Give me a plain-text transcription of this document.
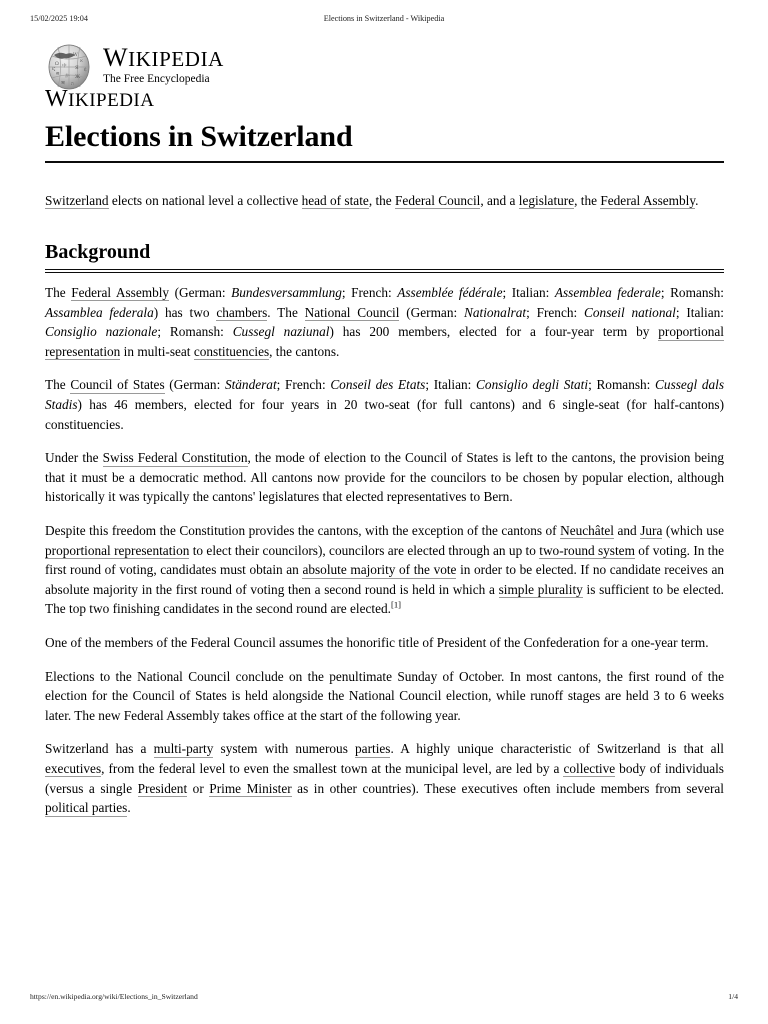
15/02/2025 19:04	Elections in Switzerland - Wikipedia
W
א
Ω 中 Я ع
स か Ж
ऋ ת
Ⴀ WIKIPEDIA
The Free Encyclopedia
WIKIPEDIA
Elections in Switzerland

Switzerland elects on national level a collective head of state, the Federal Council, and a legislature, the Federal Assembly.

Background

The Federal Assembly (German: Bundesversammlung; French: Assemblée fédérale; Italian: Assemblea federale; Romansh: Assamblea federala) has two chambers. The National Council (German: Nationalrat; French: Conseil national; Italian: Consiglio nazionale; Romansh: Cussegl naziunal) has 200 members, elected for a four-year term by proportional representation in multi-seat constituencies, the cantons.

The Council of States (German: Ständerat; French: Conseil des Etats; Italian: Consiglio degli Stati; Romansh: Cussegl dals Stadis) has 46 members, elected for four years in 20 two-seat (for full cantons) and 6 single-seat (for half-cantons) constituencies.

Under the Swiss Federal Constitution, the mode of election to the Council of States is left to the cantons, the provision being that it must be a democratic method. All cantons now provide for the councilors to be chosen by popular election, although historically it was typically the cantons' legislatures that elected representatives to Bern.

Despite this freedom the Constitution provides the cantons, with the exception of the cantons of Neuchâtel and Jura (which use proportional representation to elect their councilors), councilors are elected through an up to two-round system of voting. In the first round of voting, candidates must obtain an absolute majority of the vote in order to be elected. If no candidate receives an absolute majority in the first round of voting then a second round is held in which a simple plurality is sufficient to be elected. The top two finishing candidates in the second round are elected.[1]

One of the members of the Federal Council assumes the honorific title of President of the Confederation for a one-year term.

Elections to the National Council conclude on the penultimate Sunday of October. In most cantons, the first round of the election for the Council of States is held alongside the National Council election, while runoff stages are held 3 to 6 weeks later. The new Federal Assembly takes office at the start of the following year.

Switzerland has a multi-party system with numerous parties. A highly unique characteristic of Switzerland is that all executives, from the federal level to even the smallest town at the municipal level, are led by a collective body of individuals (versus a single President or Prime Minister as in other countries). These executives often include members from several political parties.

https://en.wikipedia.org/wiki/Elections_in_Switzerland	1/4
